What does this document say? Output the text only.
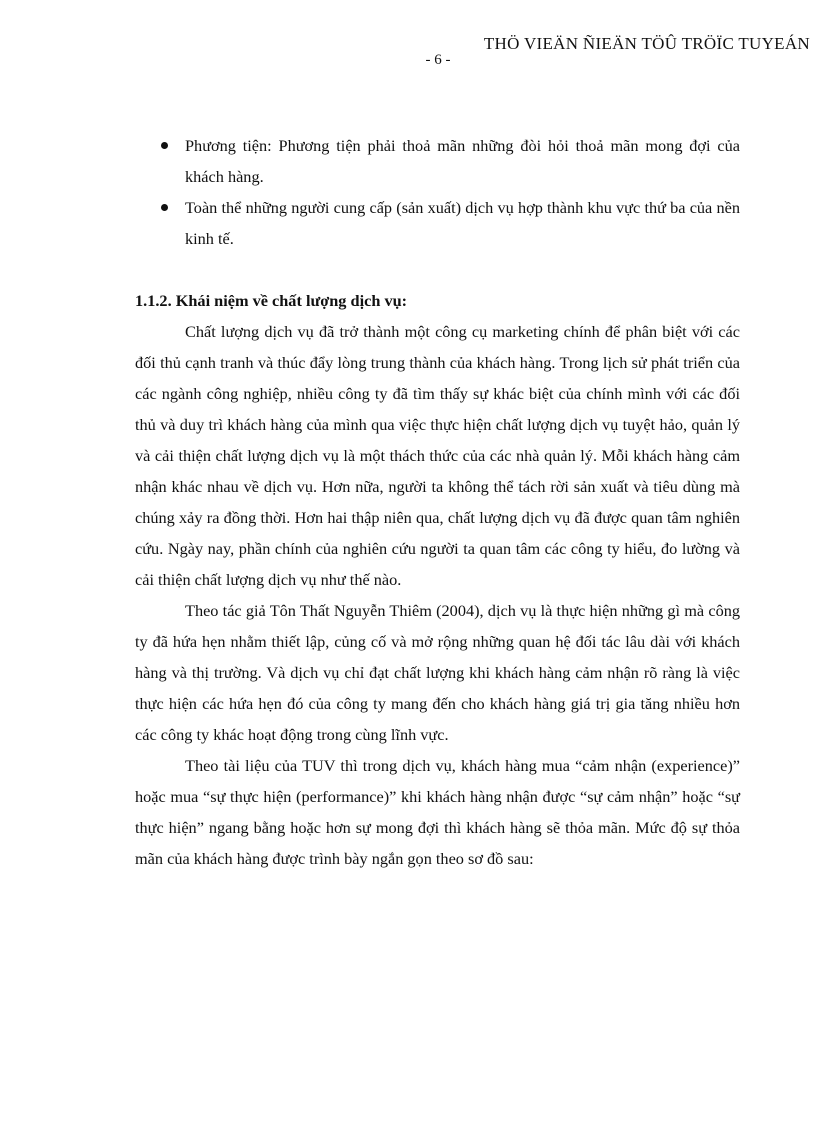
THÖ VIEÄN ÑIEÄN TÖÛ TRÖÏC TUYEÁN
- 6 -
Phương tiện: Phương tiện phải thoả mãn những đòi hỏi thoả mãn mong đợi của khách hàng.
Toàn thể những người cung cấp (sản xuất) dịch vụ hợp thành khu vực thứ ba của nền kinh tế.
1.1.2. Khái niệm về chất lượng dịch vụ:
Chất lượng dịch vụ đã trở thành một công cụ marketing chính để phân biệt với các đối thủ cạnh tranh và thúc đẩy lòng trung thành của khách hàng. Trong lịch sử phát triển của các ngành công nghiệp, nhiều công ty đã tìm thấy sự khác biệt của chính mình với các đối thủ và duy trì khách hàng của mình qua việc thực hiện chất lượng dịch vụ tuyệt hảo, quản lý và cải thiện chất lượng dịch vụ là một thách thức của các nhà quản lý. Mỗi khách hàng cảm nhận khác nhau về dịch vụ. Hơn nữa, người ta không thể tách rời sản xuất và tiêu dùng mà chúng xảy ra đồng thời. Hơn hai thập niên qua, chất lượng dịch vụ đã được quan tâm nghiên cứu. Ngày nay, phần chính của nghiên cứu người ta quan tâm các công ty hiểu, đo lường và cải thiện chất lượng dịch vụ như thế nào.
Theo tác giả Tôn Thất Nguyễn Thiêm (2004), dịch vụ là thực hiện những gì mà công ty đã hứa hẹn nhằm thiết lập, củng cố và mở rộng những quan hệ đối tác lâu dài với khách hàng và thị trường. Và dịch vụ chỉ đạt chất lượng khi khách hàng cảm nhận rõ ràng là việc thực hiện các hứa hẹn đó của công ty mang đến cho khách hàng giá trị gia tăng nhiều hơn các công ty khác hoạt động trong cùng lĩnh vực.
Theo tài liệu của TUV thì trong dịch vụ, khách hàng mua “cảm nhận (experience)” hoặc mua “sự thực hiện (performance)” khi khách hàng nhận được “sự cảm nhận” hoặc “sự thực hiện” ngang bằng hoặc hơn sự mong đợi thì khách hàng sẽ thỏa mãn. Mức độ sự thỏa mãn của khách hàng được trình bày ngắn gọn theo sơ đồ sau:
